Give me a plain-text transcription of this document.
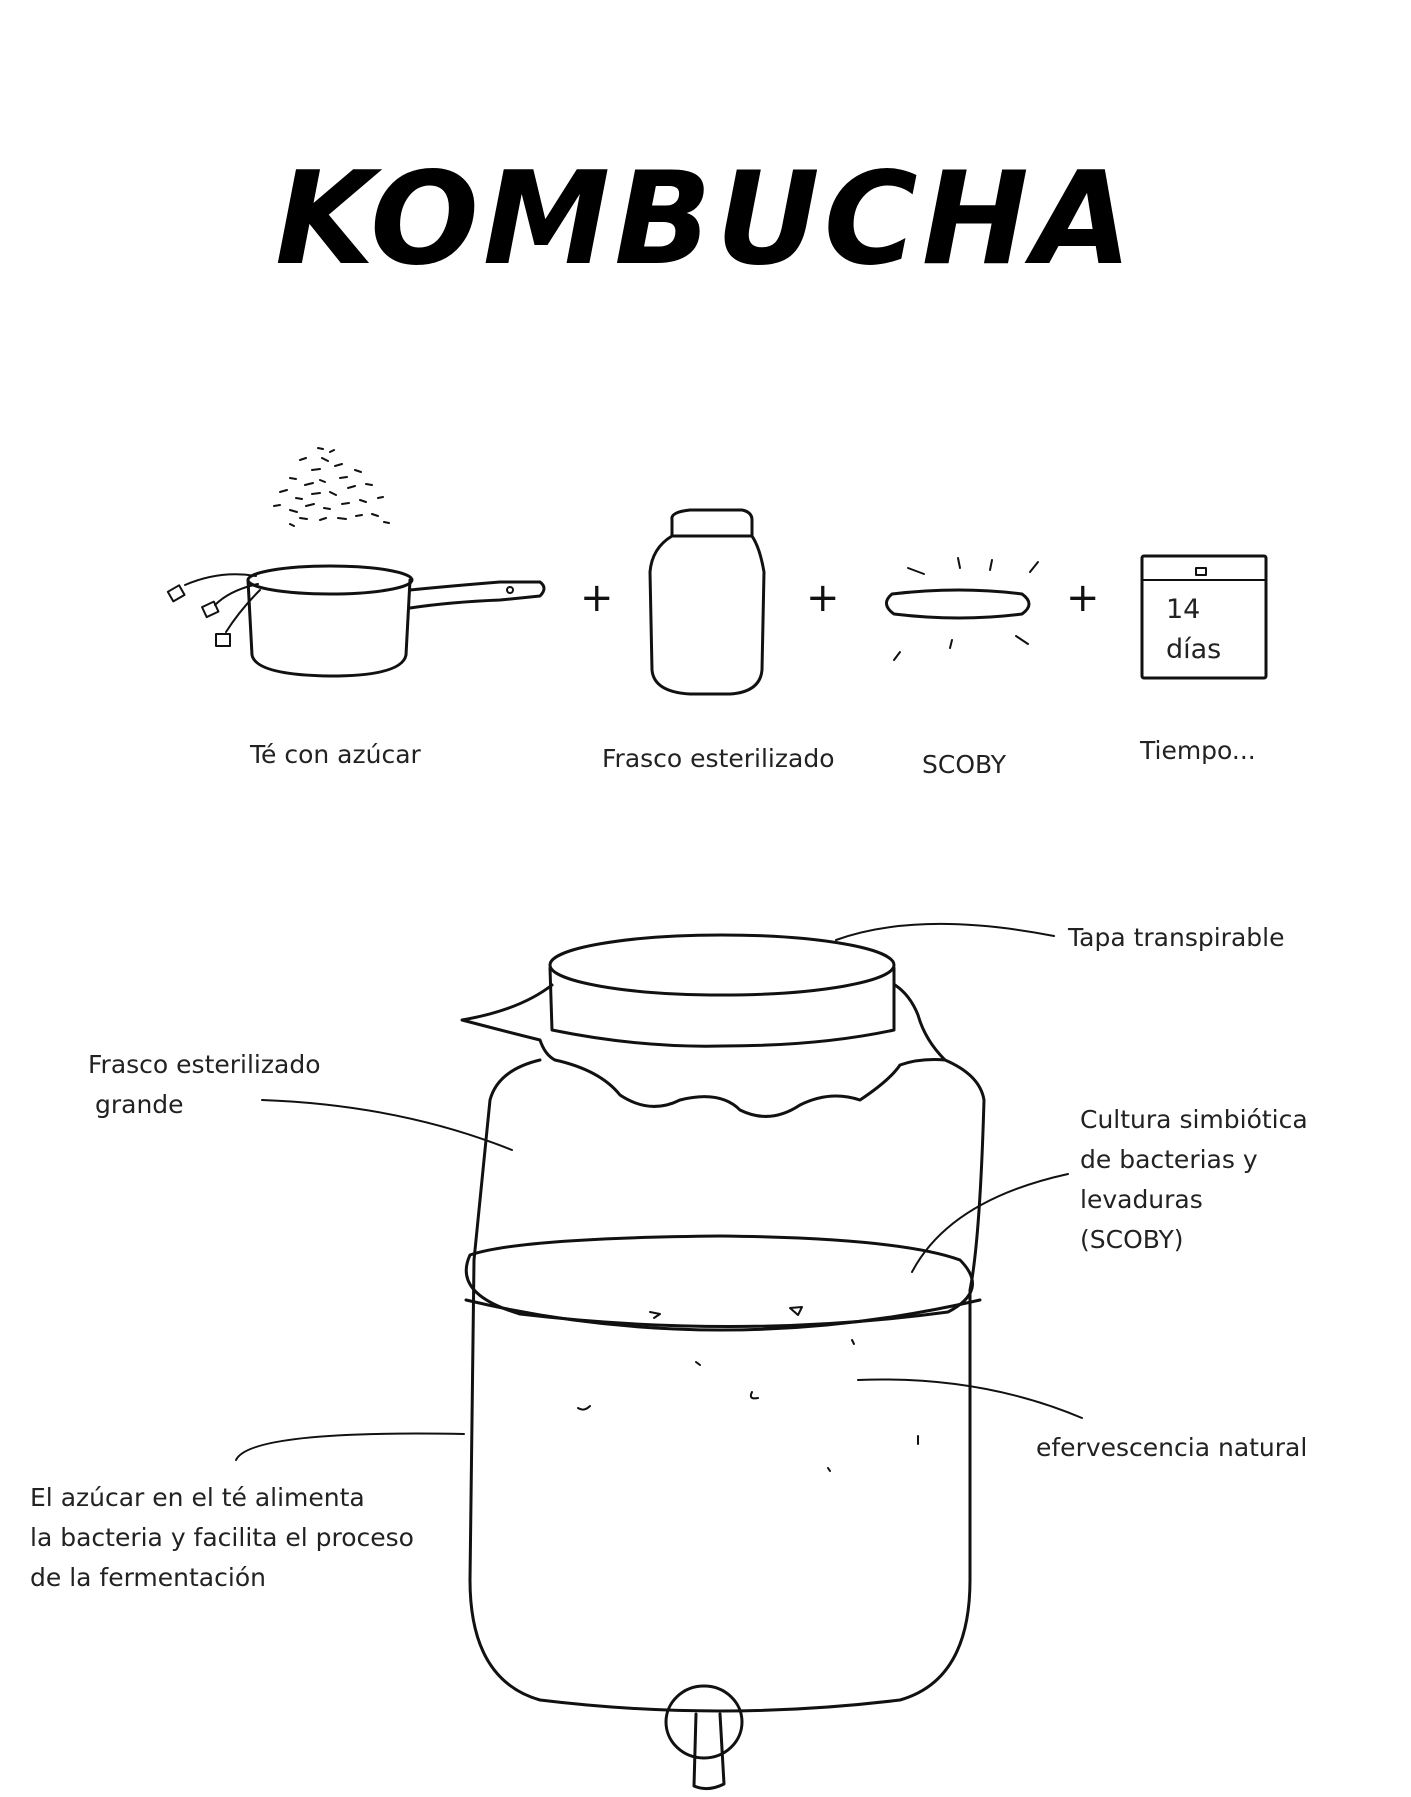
KOMBUCHA
+	+	+ 14
días
Té con azúcar	Frasco esterilizado	SCOBY	Tiempo...
Tapa transpirable
Frasco esterilizado
grande
Cultura simbiótica
de bacterias y
levaduras
(SCOBY)
efervescencia natural
El azúcar en el té alimenta
la bacteria y facilita el proceso
de la fermentación
